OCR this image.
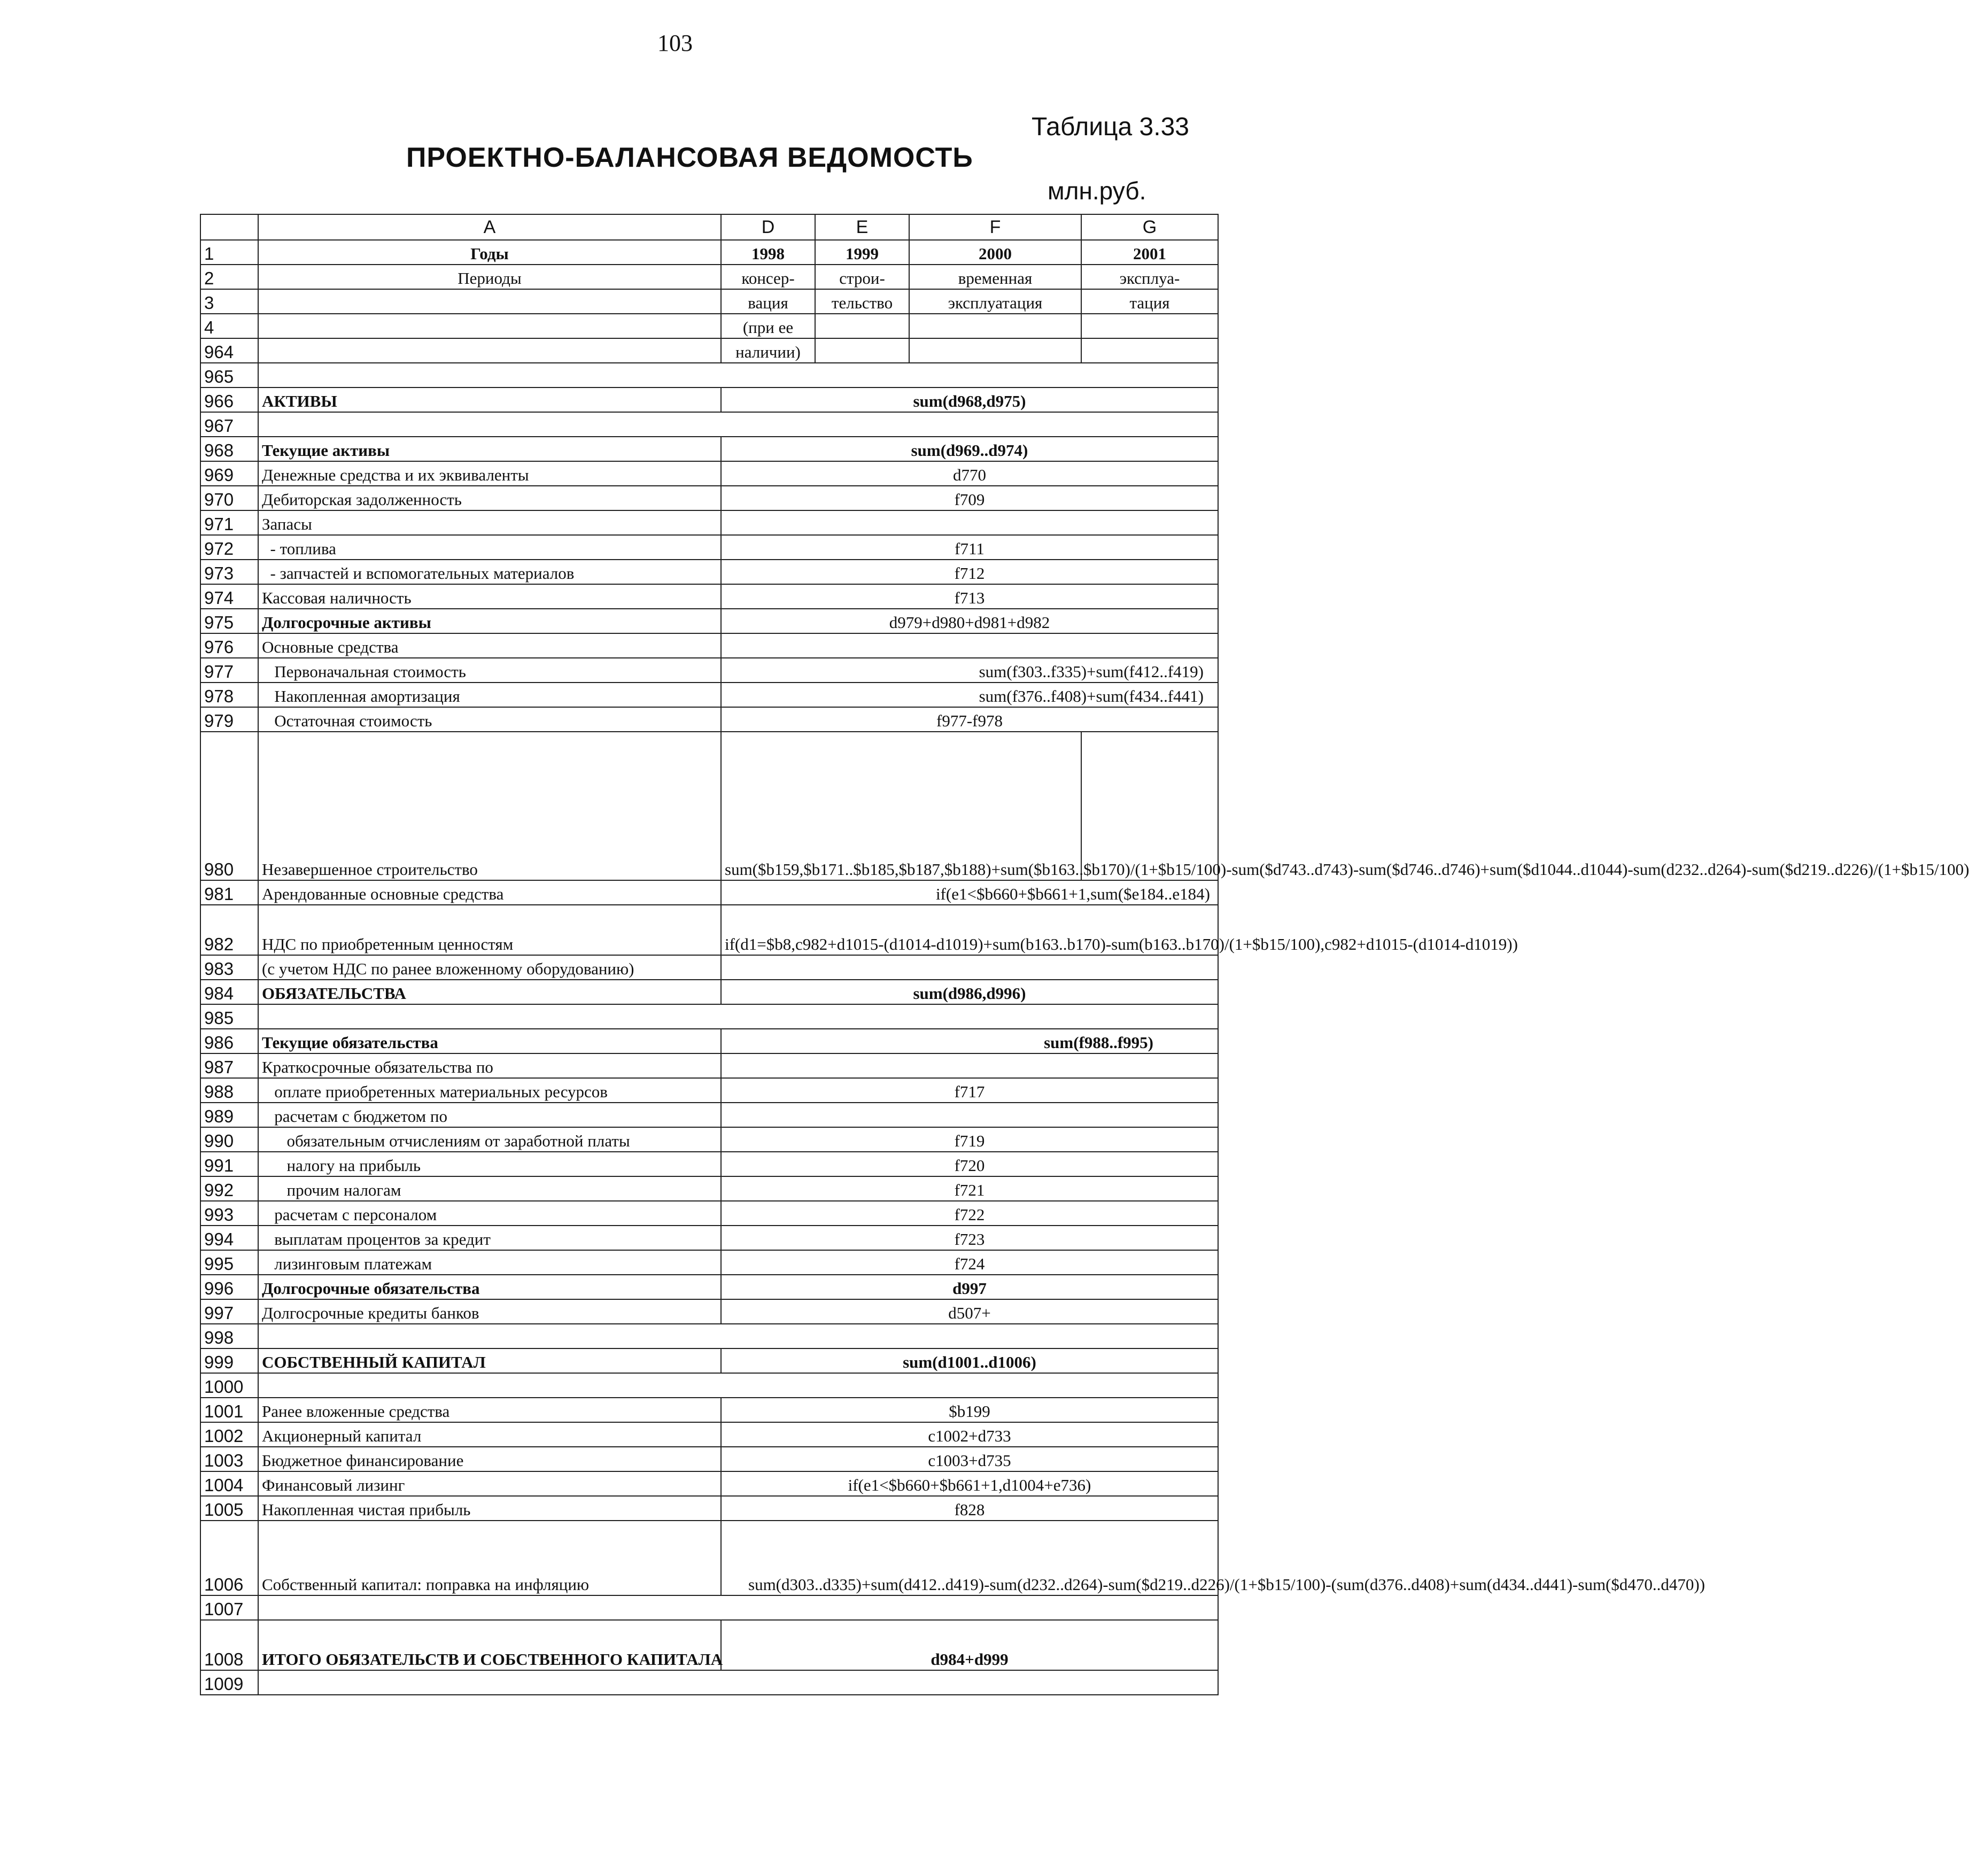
103
Таблица 3.33
ПРОЕКТНО-БАЛАНСОВАЯ ВЕДОМОСТЬ
млн.руб.
	A	D	E	F	G
1	Годы	1998	1999	2000	2001
2	Периоды	консер-	строи-	временная	эксплуа-
3		вация	тельство	эксплуатация	тация
4		(при ее			
964		наличии)			
965					
966	АКТИВЫ	sum(d968,d975)			
967					
968	Текущие активы	sum(d969..d974)			
969	Денежные средства и их эквиваленты	d770			
970	Дебиторская задолженность	f709			
971	Запасы				
972	- топлива	f711			
973	- запчастей и вспомогательных материалов	f712			
974	Кассовая наличность	f713			
975	Долгосрочные активы	d979+d980+d981+d982			
976	Основные средства				
977	Первоначальная стоимость	sum(f303..f335)+sum(f412..f419)			
978	Накопленная амортизация	sum(f376..f408)+sum(f434..f441)			
979	Остаточная стоимость	f977-f978			
980	Незавершенное строительство	sum($b159,$b171..$b185,$b187,$b188)+sum($b163..$b170)/(1+$b15/100)-sum($d743..d743)-sum($d746..d746)+sum($d1044..d1044)-sum(d232..d264)-sum($d219..d226)/(1+$b15/100)			
981	Арендованные основные средства	if(e1<$b660+$b661+1,sum($e184..e184)			
982	НДС по приобретенным ценностям	if(d1=$b8,c982+d1015-(d1014-d1019)+sum(b163..b170)-sum(b163..b170)/(1+$b15/100),c982+d1015-(d1014-d1019))			
983	(с учетом НДС по ранее вложенному оборудованию)				
984	ОБЯЗАТЕЛЬСТВА	sum(d986,d996)			
985					
986	Текущие обязательства	sum(f988..f995)			
987	Краткосрочные обязательства по				
988	оплате приобретенных материальных ресурсов	f717			
989	расчетам с бюджетом по				
990	обязательным отчислениям от заработной платы	f719			
991	налогу на прибыль	f720			
992	прочим налогам	f721			
993	расчетам с персоналом	f722			
994	выплатам процентов за кредит	f723			
995	лизинговым платежам	f724			
996	Долгосрочные обязательства	d997			
997	Долгосрочные кредиты банков	d507+			
998					
999	СОБСТВЕННЫЙ КАПИТАЛ	sum(d1001..d1006)			
1000					
1001	Ранее вложенные средства	$b199			
1002	Акционерный капитал	c1002+d733			
1003	Бюджетное финансирование	c1003+d735			
1004	Финансовый лизинг	if(e1<$b660+$b661+1,d1004+e736)			
1005	Накопленная чистая прибыль	f828			
1006	Собственный капитал: поправка на инфляцию	sum(d303..d335)+sum(d412..d419)-sum(d232..d264)-sum($d219..d226)/(1+$b15/100)-(sum(d376..d408)+sum(d434..d441)-sum($d470..d470))			
1007					
1008	ИТОГО ОБЯЗАТЕЛЬСТВ И СОБСТВЕННОГО КАПИТАЛА	d984+d999			
1009					
